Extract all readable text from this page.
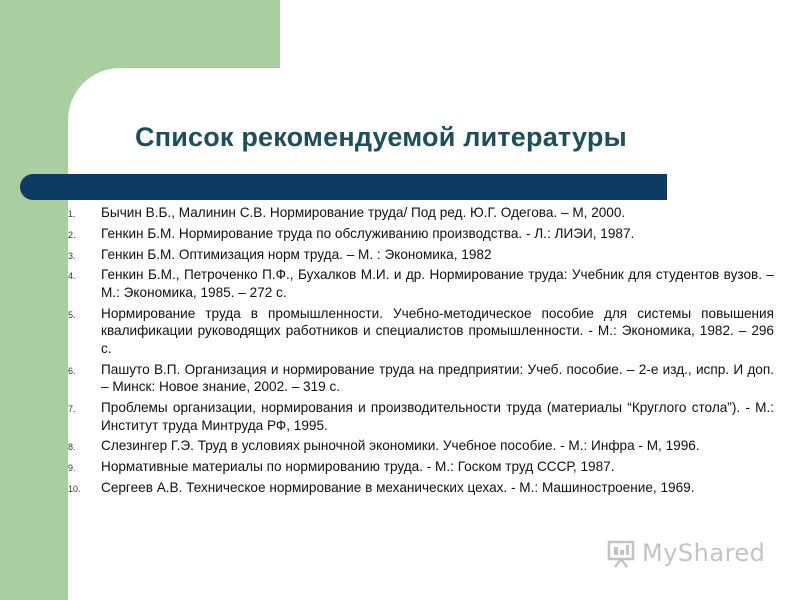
Список рекомендуемой литературы
1.	Бычин В.Б., Малинин С.В. Нормирование труда/ Под ред. Ю.Г. Одегова. – М, 2000.
2.	Генкин Б.М. Нормирование труда по обслуживанию производства. - Л.: ЛИЭИ, 1987.
3.	Генкин Б.М. Оптимизация норм труда. – М. : Экономика, 1982
4.	Генкин Б.М., Петроченко П.Ф., Бухалков М.И. и др. Нормирование труда: Учебник для студентов вузов. – М.: Экономика, 1985. – 272 с.
5.	Нормирование труда в промышленности. Учебно-методическое пособие для системы повышения квалификации руководящих работников и специалистов промышленности. - М.: Экономика, 1982. – 296 с.
6.	Пашуто В.П. Организация и нормирование труда на предприятии: Учеб. пособие. – 2-е изд., испр. И доп. – Минск: Новое знание, 2002. – 319 с.
7.	Проблемы организации, нормирования и производительности труда (материалы “Круглого стола”). - М.: Институт труда Минтруда РФ, 1995.
8.	Слезингер Г.Э. Труд в условиях рыночной экономики. Учебное пособие. - М.: Инфра - М, 1996.
9.	Нормативные материалы по нормированию труда. - М.: Госком труд СССР, 1987.
10.	Сергеев А.В. Техническое нормирование в механических цехах. - М.: Машиностроение, 1969.
MyShared
